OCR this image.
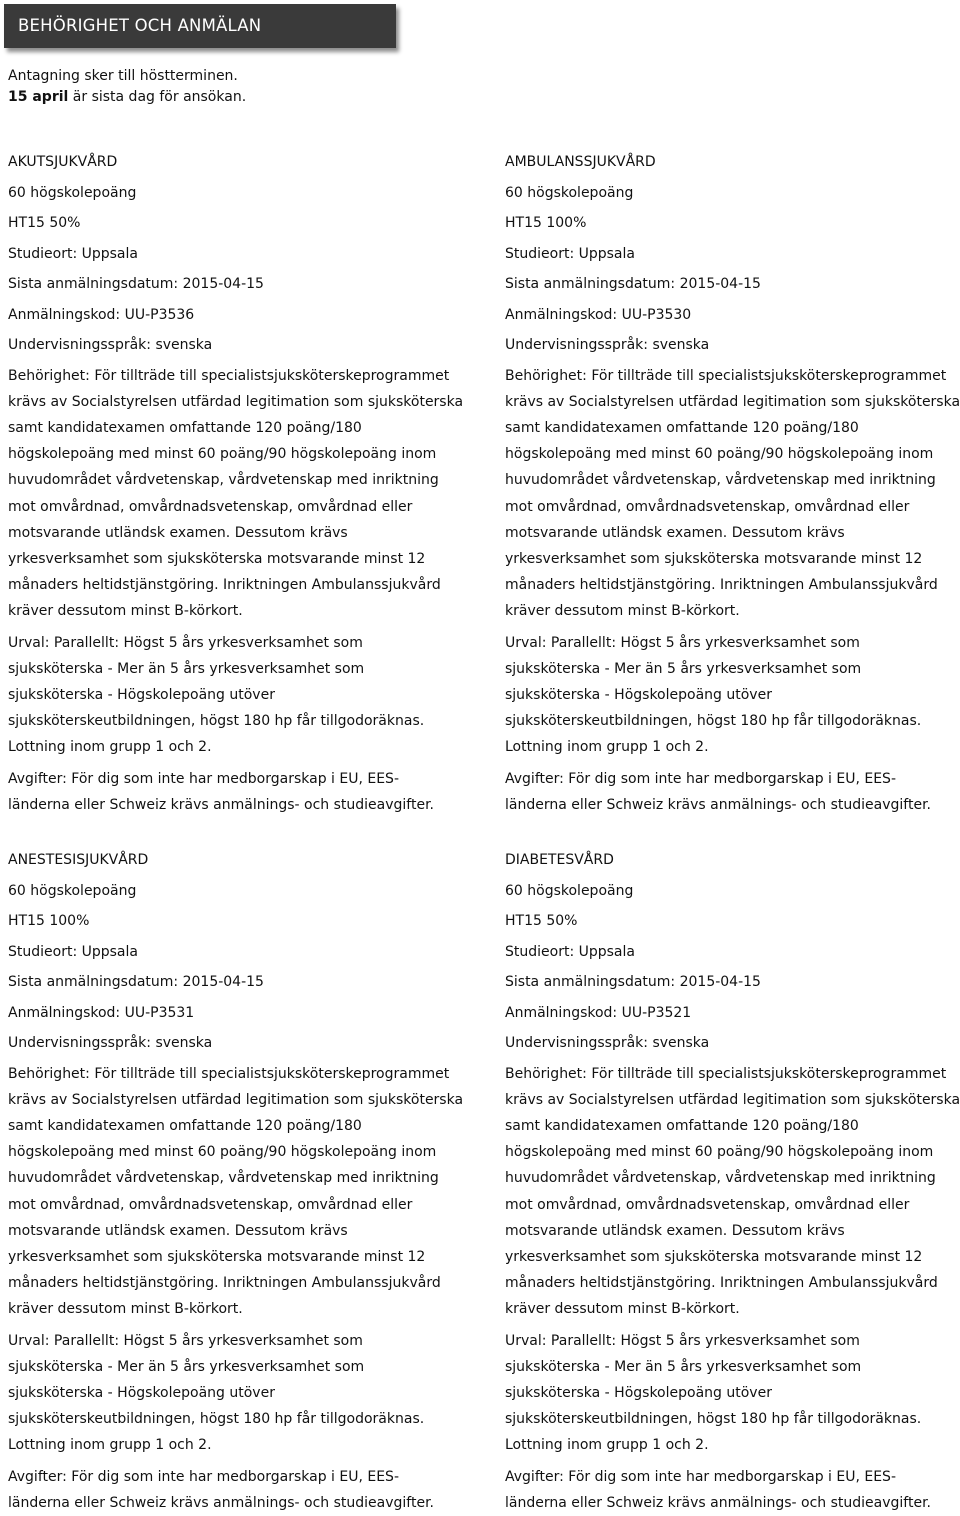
BEHÖRIGHET OCH ANMÄLAN
Antagning sker till höstterminen.
15 april är sista dag för ansökan.
AKUTSJUKVÅRD
60 högskolepoäng
HT15 50%
Studieort: Uppsala
Sista anmälningsdatum: 2015-04-15
Anmälningskod: UU-P3536
Undervisningsspråk: svenska
Behörighet: För tillträde till specialistsjuksköterskeprogrammet
krävs av Socialstyrelsen utfärdad legitimation som sjuksköterska
samt kandidatexamen omfattande 120 poäng/180
högskolepoäng med minst 60 poäng/90 högskolepoäng inom
huvudområdet vårdvetenskap, vårdvetenskap med inriktning
mot omvårdnad, omvårdnadsvetenskap, omvårdnad eller
motsvarande utländsk examen. Dessutom krävs
yrkesverksamhet som sjuksköterska motsvarande minst 12
månaders heltidstjänstgöring. Inriktningen Ambulanssjukvård
kräver dessutom minst B-körkort.
Urval: Parallellt: Högst 5 års yrkesverksamhet som
sjuksköterska - Mer än 5 års yrkesverksamhet som
sjuksköterska - Högskolepoäng utöver
sjuksköterskeutbildningen, högst 180 hp får tillgodoräknas.
Lottning inom grupp 1 och 2.
Avgifter: För dig som inte har medborgarskap i EU, EES-
länderna eller Schweiz krävs anmälnings- och studieavgifter.
AMBULANSSJUKVÅRD
60 högskolepoäng
HT15 100%
Studieort: Uppsala
Sista anmälningsdatum: 2015-04-15
Anmälningskod: UU-P3530
Undervisningsspråk: svenska
Behörighet: För tillträde till specialistsjuksköterskeprogrammet
krävs av Socialstyrelsen utfärdad legitimation som sjuksköterska
samt kandidatexamen omfattande 120 poäng/180
högskolepoäng med minst 60 poäng/90 högskolepoäng inom
huvudområdet vårdvetenskap, vårdvetenskap med inriktning
mot omvårdnad, omvårdnadsvetenskap, omvårdnad eller
motsvarande utländsk examen. Dessutom krävs
yrkesverksamhet som sjuksköterska motsvarande minst 12
månaders heltidstjänstgöring. Inriktningen Ambulanssjukvård
kräver dessutom minst B-körkort.
Urval: Parallellt: Högst 5 års yrkesverksamhet som
sjuksköterska - Mer än 5 års yrkesverksamhet som
sjuksköterska - Högskolepoäng utöver
sjuksköterskeutbildningen, högst 180 hp får tillgodoräknas.
Lottning inom grupp 1 och 2.
Avgifter: För dig som inte har medborgarskap i EU, EES-
länderna eller Schweiz krävs anmälnings- och studieavgifter.
ANESTESISJUKVÅRD
60 högskolepoäng
HT15 100%
Studieort: Uppsala
Sista anmälningsdatum: 2015-04-15
Anmälningskod: UU-P3531
Undervisningsspråk: svenska
Behörighet: För tillträde till specialistsjuksköterskeprogrammet
krävs av Socialstyrelsen utfärdad legitimation som sjuksköterska
samt kandidatexamen omfattande 120 poäng/180
högskolepoäng med minst 60 poäng/90 högskolepoäng inom
huvudområdet vårdvetenskap, vårdvetenskap med inriktning
mot omvårdnad, omvårdnadsvetenskap, omvårdnad eller
motsvarande utländsk examen. Dessutom krävs
yrkesverksamhet som sjuksköterska motsvarande minst 12
månaders heltidstjänstgöring. Inriktningen Ambulanssjukvård
kräver dessutom minst B-körkort.
Urval: Parallellt: Högst 5 års yrkesverksamhet som
sjuksköterska - Mer än 5 års yrkesverksamhet som
sjuksköterska - Högskolepoäng utöver
sjuksköterskeutbildningen, högst 180 hp får tillgodoräknas.
Lottning inom grupp 1 och 2.
Avgifter: För dig som inte har medborgarskap i EU, EES-
länderna eller Schweiz krävs anmälnings- och studieavgifter.
DIABETESVÅRD
60 högskolepoäng
HT15 50%
Studieort: Uppsala
Sista anmälningsdatum: 2015-04-15
Anmälningskod: UU-P3521
Undervisningsspråk: svenska
Behörighet: För tillträde till specialistsjuksköterskeprogrammet
krävs av Socialstyrelsen utfärdad legitimation som sjuksköterska
samt kandidatexamen omfattande 120 poäng/180
högskolepoäng med minst 60 poäng/90 högskolepoäng inom
huvudområdet vårdvetenskap, vårdvetenskap med inriktning
mot omvårdnad, omvårdnadsvetenskap, omvårdnad eller
motsvarande utländsk examen. Dessutom krävs
yrkesverksamhet som sjuksköterska motsvarande minst 12
månaders heltidstjänstgöring. Inriktningen Ambulanssjukvård
kräver dessutom minst B-körkort.
Urval: Parallellt: Högst 5 års yrkesverksamhet som
sjuksköterska - Mer än 5 års yrkesverksamhet som
sjuksköterska - Högskolepoäng utöver
sjuksköterskeutbildningen, högst 180 hp får tillgodoräknas.
Lottning inom grupp 1 och 2.
Avgifter: För dig som inte har medborgarskap i EU, EES-
länderna eller Schweiz krävs anmälnings- och studieavgifter.
